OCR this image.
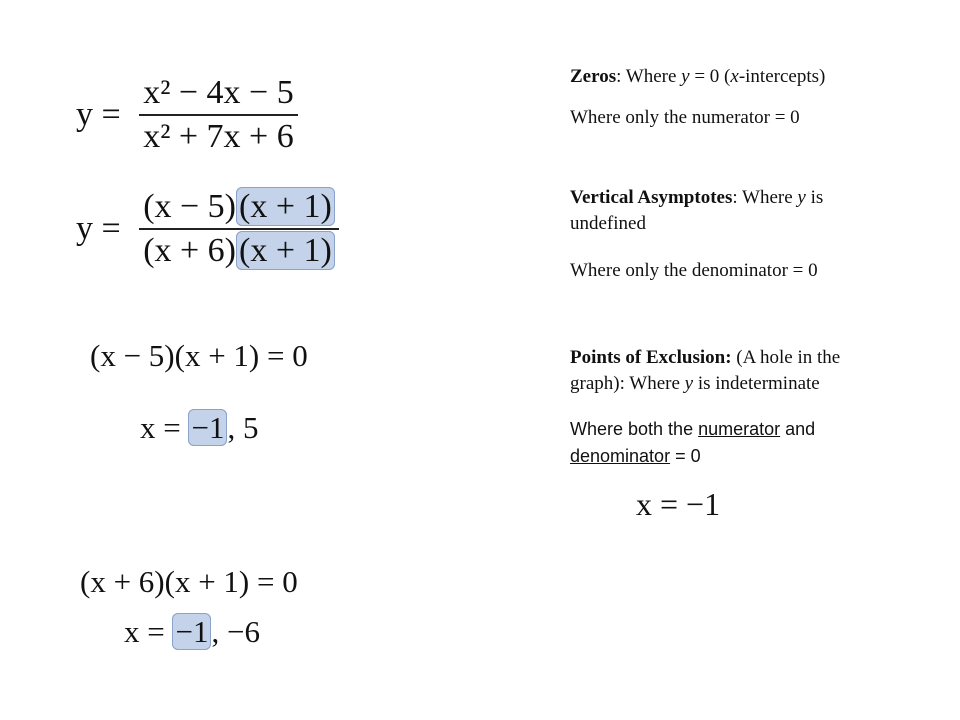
$y = \frac{\text{x² − 4x − 5}}{\text{x² + 7x + 6}}$
$y = \frac{(x - 5)(x + 1)}{(x + 6)(x + 1)}$
(x − 5)(x + 1) = 0
x = −1, 5
(x + 6)(x + 1) = 0
x = −1, −6
x = −1
Zeros: Where y = 0 (x-intercepts)
Where only the numerator = 0
Vertical Asymptotes: Where y is undefined
Where only the denominator = 0
Points of Exclusion: (A hole in the graph): Where y is indeterminate
Where both the numerator and denominator = 0
